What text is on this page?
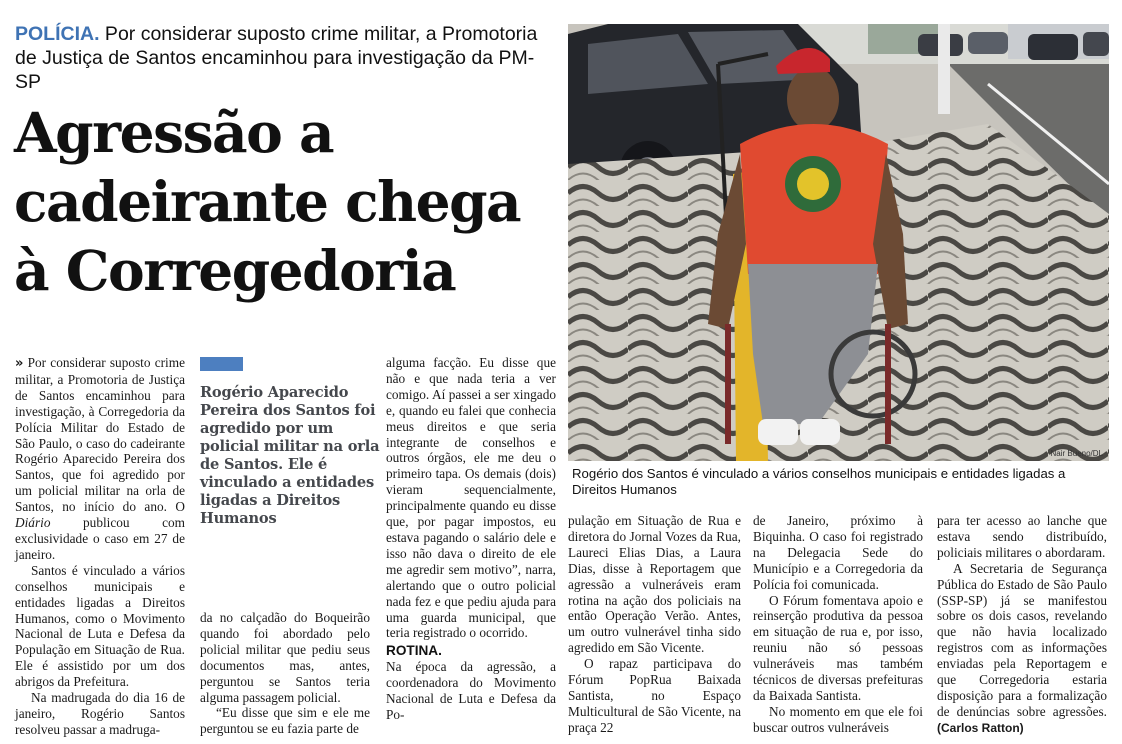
POLÍCIA. Por considerar suposto crime militar, a Promotoria de Justiça de Santos encaminhou para investigação da PM-SP
Agressão a
cadeirante chega
à Corregedoria
Nair Bueno/DL
Rogério dos Santos é vinculado a vários conselhos municipais e entidades ligadas a Direitos Humanos

» Por considerar suposto crime militar, a Promotoria de Justiça de Santos encaminhou para investigação, à Corregedoria da Polícia Militar do Estado de São Paulo, o caso do cadeirante Rogério Aparecido Pereira dos Santos, que foi agredido por um policial militar na orla de Santos, no início do ano. O Diário publicou com exclusividade o caso em 27 de janeiro.

Santos é vinculado a vários conselhos municipais e entidades ligadas a Direitos Humanos, como o Movimento Nacional de Luta e Defesa da População em Situação de Rua. Ele é assistido por um dos abrigos da Prefeitura.

Na madrugada do dia 16 de janeiro, Rogério Santos resolveu passar a madruga-

Rogério Aparecido Pereira dos Santos foi agredido por um policial militar na orla de Santos. Ele é vinculado a entidades ligadas a Direitos Humanos

da no calçadão do Boqueirão quando foi abordado pelo policial militar que pediu seus documentos mas, antes, perguntou se Santos teria alguma passagem policial.

“Eu disse que sim e ele me perguntou se eu fazia parte de

alguma facção. Eu disse que não e que nada teria a ver comigo. Aí passei a ser xingado e, quando eu falei que conhecia meus direitos e que seria integrante de conselhos e outros órgãos, ele me deu o primeiro tapa. Os demais (dois) vieram sequencialmente, principalmente quando eu disse que, por pagar impostos, eu estava pagando o salário dele e isso não dava o direito de ele me agredir sem motivo”, narra, alertando que o outro policial nada fez e que pediu ajuda para uma guarda municipal, que teria registrado o ocorrido.

ROTINA.

Na época da agressão, a coordenadora do Movimento Nacional de Luta e Defesa da Po-

pulação em Situação de Rua e diretora do Jornal Vozes da Rua, Laureci Elias Dias, a Laura Dias, disse à Reportagem que agressão a vulneráveis eram rotina na ação dos policiais na então Operação Verão. Antes, um outro vulnerável tinha sido agredido em São Vicente.

O rapaz participava do Fórum PopRua Baixada Santista, no Espaço Multicultural de São Vicente, na praça 22

de Janeiro, próximo à Biquinha. O caso foi registrado na Delegacia Sede do Município e a Corregedoria da Polícia foi comunicada.

O Fórum fomentava apoio e reinserção produtiva da pessoa em situação de rua e, por isso, reuniu não só pessoas vulneráveis mas também técnicos de diversas prefeituras da Baixada Santista.

No momento em que ele foi buscar outros vulneráveis

para ter acesso ao lanche que estava sendo distribuído, policiais militares o abordaram.

A Secretaria de Segurança Pública do Estado de São Paulo (SSP-SP) já se manifestou sobre os dois casos, revelando que não havia localizado registros com as informações enviadas pela Reportagem e que Corregedoria estaria disposição para a formalização de denúncias sobre agressões. (Carlos Ratton)
